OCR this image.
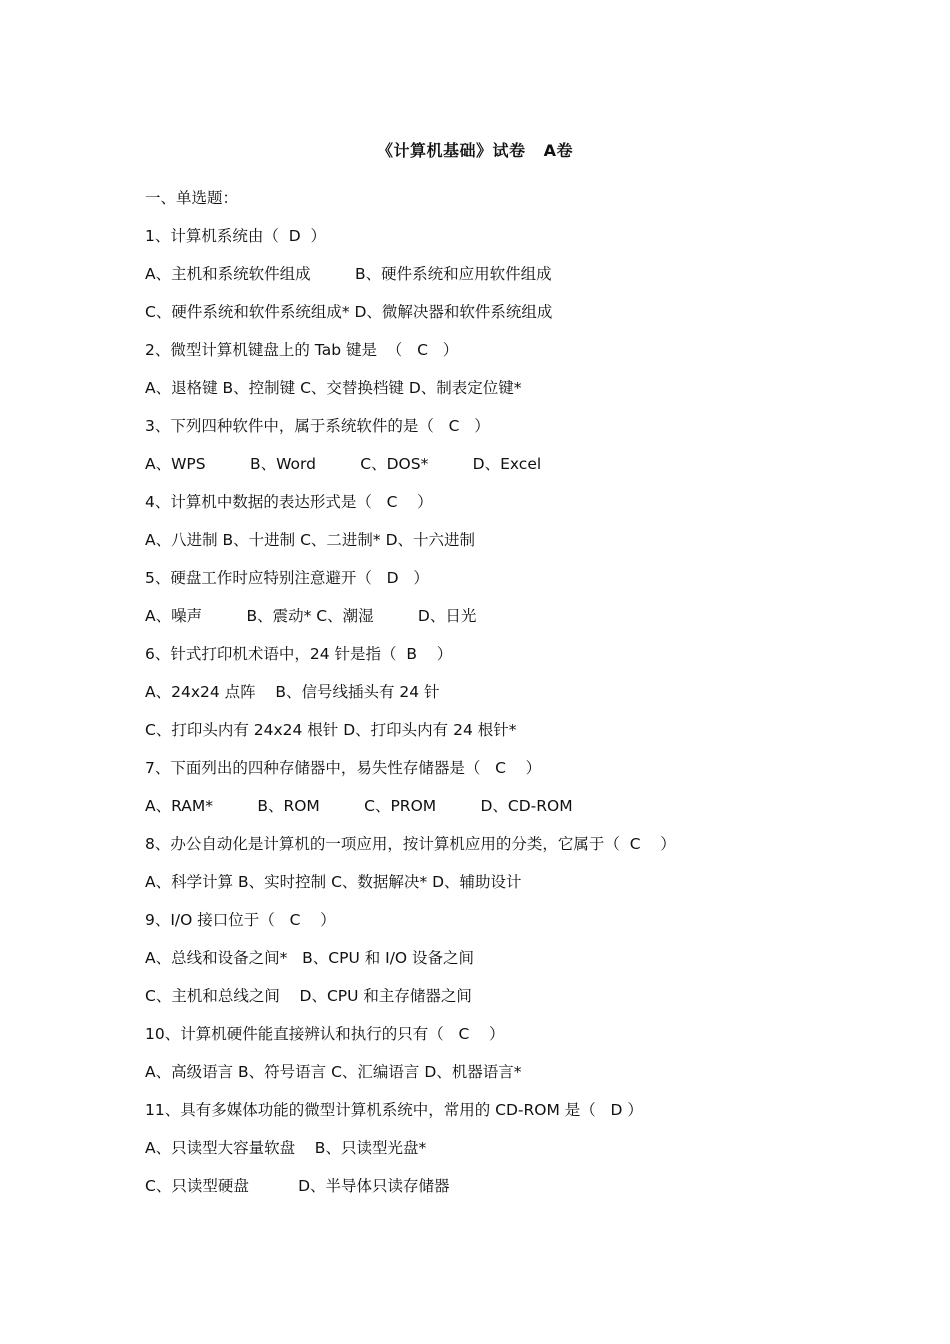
《计算机基础》试卷   A卷
一、单选题：
1、计算机系统由（  D  ）
A、主机和系统软件组成         B、硬件系统和应用软件组成
C、硬件系统和软件系统组成* D、微解决器和软件系统组成
2、微型计算机键盘上的 Tab 键是  （   C   ）
A、退格键 B、控制键 C、交替换档键 D、制表定位键*
3、下列四种软件中，属于系统软件的是（   C   ）
A、WPS         B、Word         C、DOS*         D、Excel
4、计算机中数据的表达形式是（   C    ）
A、八进制 B、十进制 C、二进制* D、十六进制
5、硬盘工作时应特别注意避开（   D   ）
A、噪声         B、震动* C、潮湿         D、日光
6、针式打印机术语中，24 针是指（  B    ）
A、24x24 点阵    B、信号线插头有 24 针
C、打印头内有 24x24 根针 D、打印头内有 24 根针*
7、下面列出的四种存储器中，易失性存储器是（   C    ）
A、RAM*         B、ROM         C、PROM         D、CD-ROM
8、办公自动化是计算机的一项应用，按计算机应用的分类，它属于（  C    ）
A、科学计算 B、实时控制 C、数据解决* D、辅助设计
9、I/O 接口位于（   C    ）
A、总线和设备之间*   B、CPU 和 I/O 设备之间
C、主机和总线之间    D、CPU 和主存储器之间
10、计算机硬件能直接辨认和执行的只有（   C    ）
A、高级语言 B、符号语言 C、汇编语言 D、机器语言*
11、具有多媒体功能的微型计算机系统中，常用的 CD-ROM 是（   D ）
A、只读型大容量软盘    B、只读型光盘*
C、只读型硬盘          D、半导体只读存储器
